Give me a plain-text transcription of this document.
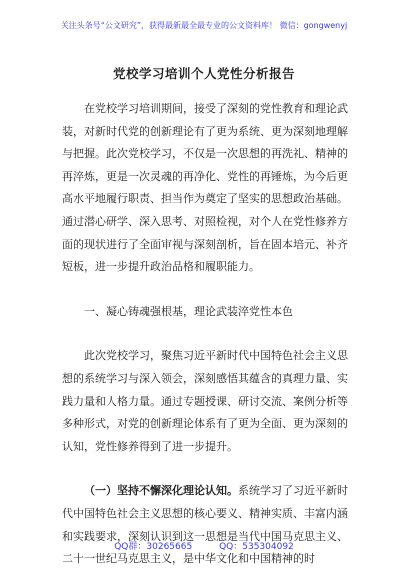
关注头条号“公文研究”，获得最新最全最专业的公文资料库！ 微信：gongwenyj
党校学习培训个人党性分析报告

在党校学习培训期间，接受了深刻的党性教育和理论武装，对新时代党的创新理论有了更为系统、更为深刻地理解与把握。此次党校学习，不仅是一次思想的再洗礼、精神的再淬炼，更是一次灵魂的再净化、党性的再锤炼，为今后更高水平地履行职责、担当作为奠定了坚实的思想政治基础。通过潜心研学、深入思考、对照检视，对个人在党性修养方面的现状进行了全面审视与深刻剖析，旨在固本培元、补齐短板，进一步提升政治品格和履职能力。

一、凝心铸魂强根基，理论武装淬党性本色

此次党校学习，聚焦习近平新时代中国特色社会主义思想的系统学习与深入领会，深刻感悟其蕴含的真理力量、实践力量和人格力量。通过专题授课、研讨交流、案例分析等多种形式，对党的创新理论体系有了更为全面、更为深刻的认知，党性修养得到了进一步提升。

（一）坚持不懈深化理论认知。系统学习了习近平新时代中国特色社会主义思想的核心要义、精神实质、丰富内涵和实践要求，深刻认识到这一思想是当代中国马克思主义、二十一世纪马克思主义，是中华文化和中国精神的时

QQ群：30265665	QQ：535304092
